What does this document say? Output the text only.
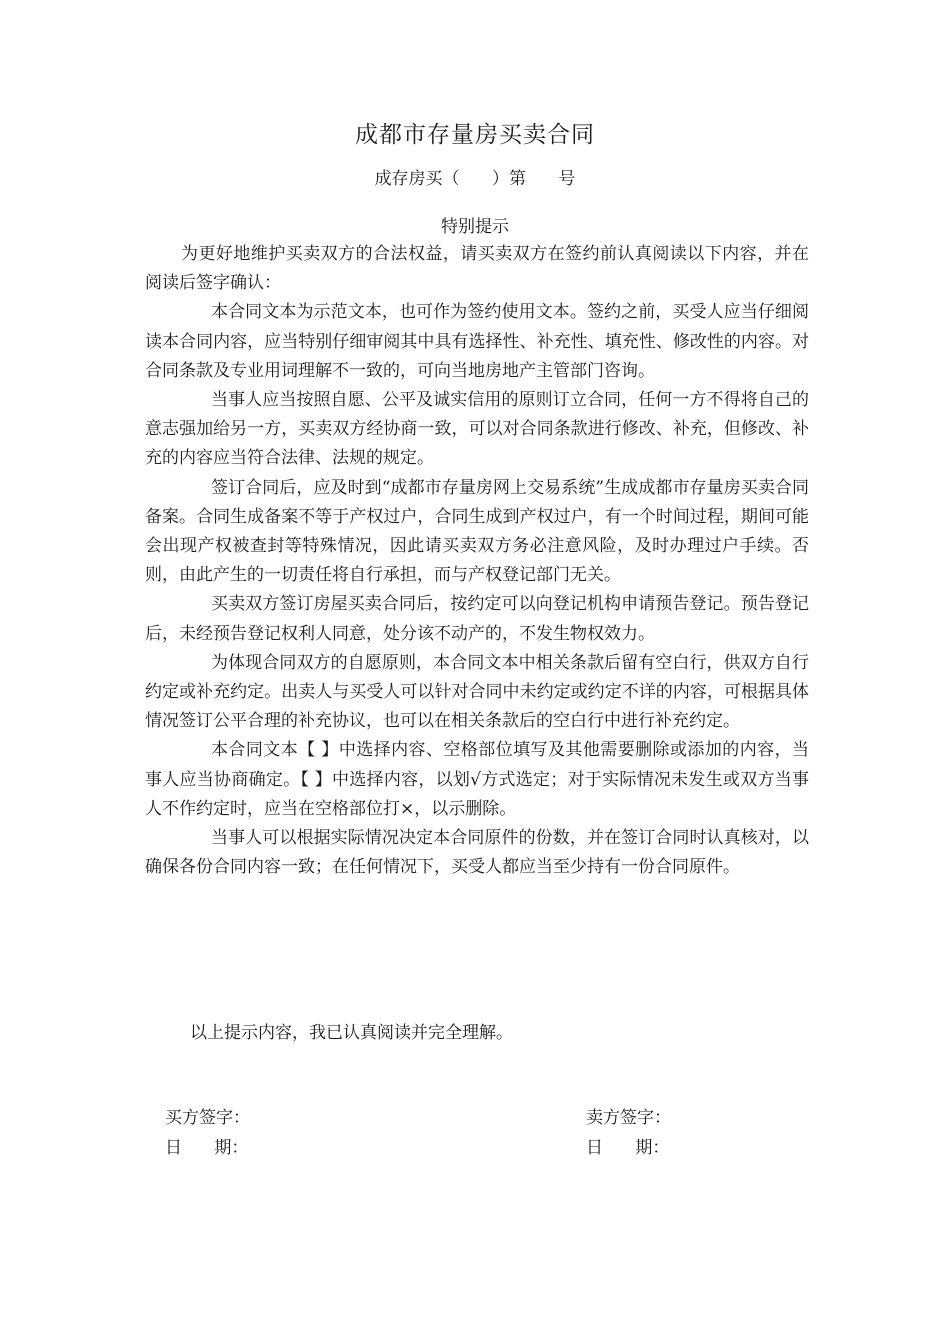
成都市存量房买卖合同
成存房买（      ）第      号
特别提示

为更好地维护买卖双方的合法权益，请买卖双方在签约前认真阅读以下内容，并在阅读后签字确认：

本合同文本为示范文本，也可作为签约使用文本。签约之前，买受人应当仔细阅读本合同内容，应当特别仔细审阅其中具有选择性、补充性、填充性、修改性的内容。对合同条款及专业用词理解不一致的，可向当地房地产主管部门咨询。

当事人应当按照自愿、公平及诚实信用的原则订立合同，任何一方不得将自己的意志强加给另一方，买卖双方经协商一致，可以对合同条款进行修改、补充，但修改、补充的内容应当符合法律、法规的规定。

签订合同后，应及时到“成都市存量房网上交易系统”生成成都市存量房买卖合同备案。合同生成备案不等于产权过户，合同生成到产权过户，有一个时间过程，期间可能会出现产权被查封等特殊情况，因此请买卖双方务必注意风险，及时办理过户手续。否则，由此产生的一切责任将自行承担，而与产权登记部门无关。

买卖双方签订房屋买卖合同后，按约定可以向登记机构申请预告登记。预告登记后，未经预告登记权利人同意，处分该不动产的，不发生物权效力。

为体现合同双方的自愿原则，本合同文本中相关条款后留有空白行，供双方自行约定或补充约定。出卖人与买受人可以针对合同中未约定或约定不详的内容，可根据具体情况签订公平合理的补充协议，也可以在相关条款后的空白行中进行补充约定。

本合同文本【 】中选择内容、空格部位填写及其他需要删除或添加的内容，当事人应当协商确定。【 】中选择内容，以划√方式选定；对于实际情况未发生或双方当事人不作约定时，应当在空格部位打×，以示删除。

当事人可以根据实际情况决定本合同原件的份数，并在签订合同时认真核对，以确保各份合同内容一致；在任何情况下，买受人都应当至少持有一份合同原件。

以上提示内容，我已认真阅读并完全理解。
买方签字：
日      期：
卖方签字：
日      期：
